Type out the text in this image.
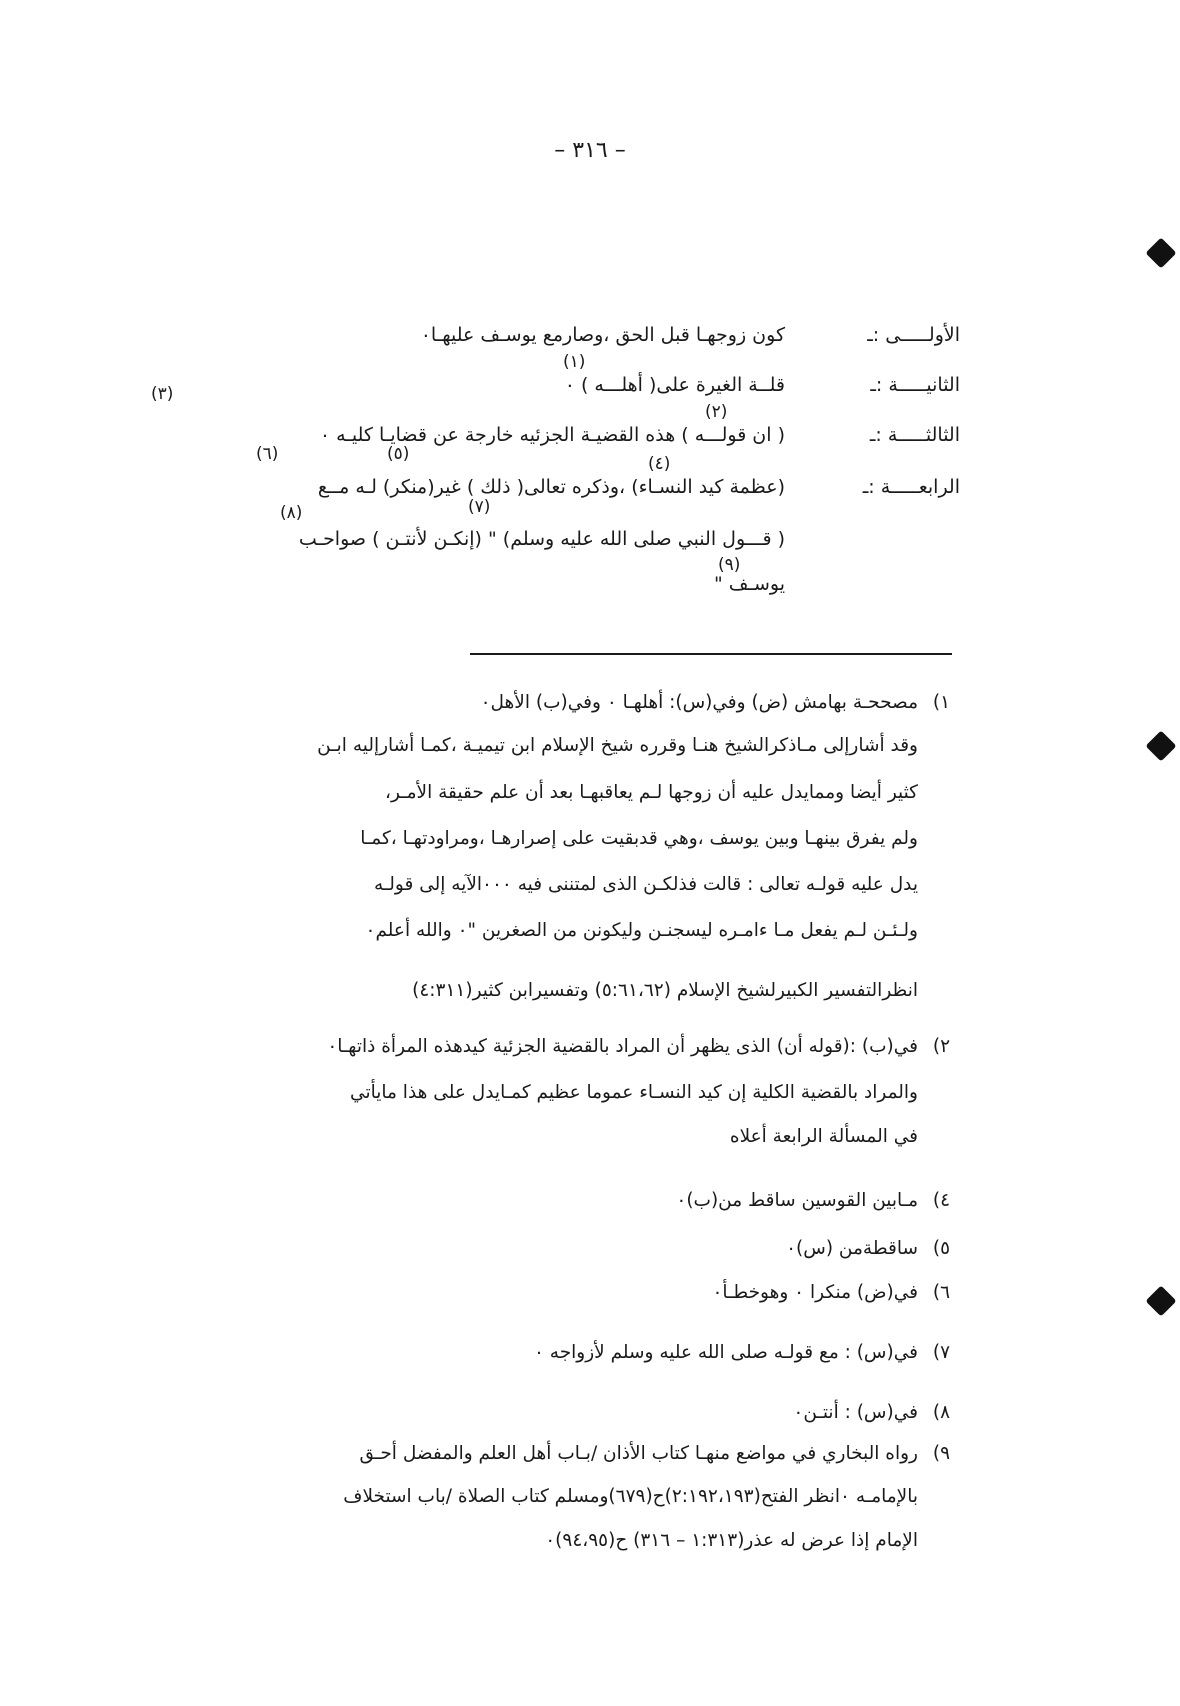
– ٣١٦ –
الأولـــــى :ـكون زوجهـا قبل الحق ،وصارمع يوسـف عليهـا٠
الثانيـــــة :ـقلــة الغيرة على( أهلـــه ) ٠
الثالثـــــة :ـ( ان قولـــه ) هذه القضيـة الجزئيه خارجة عن قضايـا كليـه ٠
الرابعـــــة :ـ(عظمة كيد النسـاء) ،وذكره تعالى( ذلك ) غير(منكر) لـه مــع
( قـــول النبي صلى الله عليه وسلم) " (إنكـن لأنتـن ) صواحـب
يوسـف "
(١)
(٢)
(٣)
(٤)
(٥)
(٦)
(٧)
(٨)
(٩)
١)مصححـة بهامش (ض) وفي(س): أهلهـا ٠ وفي(ب) الأهل٠
وقد أشارإلى مـاذكرالشيخ هنـا وقرره شيخ الإسلام ابن تيميـة ،كمـا أشارإليه ابـن
كثير أيضا وممايدل عليه أن زوجها لـم يعاقبهـا بعد أن علم حقيقة الأمـر،
ولم يفرق بينهـا وبين يوسف ،وهي قدبقيت على إصرارهـا ،ومراودتهـا ،كمـا
يدل عليه قولـه تعالى : قالت فذلكـن الذى لمتننى فيه ٠٠٠الآيه إلى قولـه
ولـئـن لـم يفعل مـا ءامـره ليسجنـن وليكونن من الصغرين "٠ والله أعلم٠
انظرالتفسير الكبيرلشيخ الإسلام (٥:٦١،٦٢) وتفسيرابن كثير(٤:٣١١)
٢)في(ب) :(قوله أن) الذى يظهر أن المراد بالقضية الجزئية كيدهذه المرأة ذاتهـا٠
والمراد بالقضية الكلية إن كيد النسـاء عموما عظيم كمـايدل على هذا مايأتي
في المسألة الرابعة أعلاه
٤)مـابين القوسين ساقط من(ب)٠
٥)ساقطةمن (س)٠
٦)في(ض) منكرا ٠ وهوخطـأ٠
٧)في(س) : مع قولـه صلى الله عليه وسلم لأزواجه ٠
٨)في(س) : أنتـن٠
٩)رواه البخاري في مواضع منهـا كتاب الأذان /بـاب أهل العلم والمفضل أحـق
بالإمامـه ٠انظر الفتح(٢:١٩٢،١٩٣)ح(٦٧٩)ومسلم كتاب الصلاة /باب استخلاف
الإمام إذا عرض له عذر(١:٣١٣ – ٣١٦) ح(٩٤،٩٥)٠
